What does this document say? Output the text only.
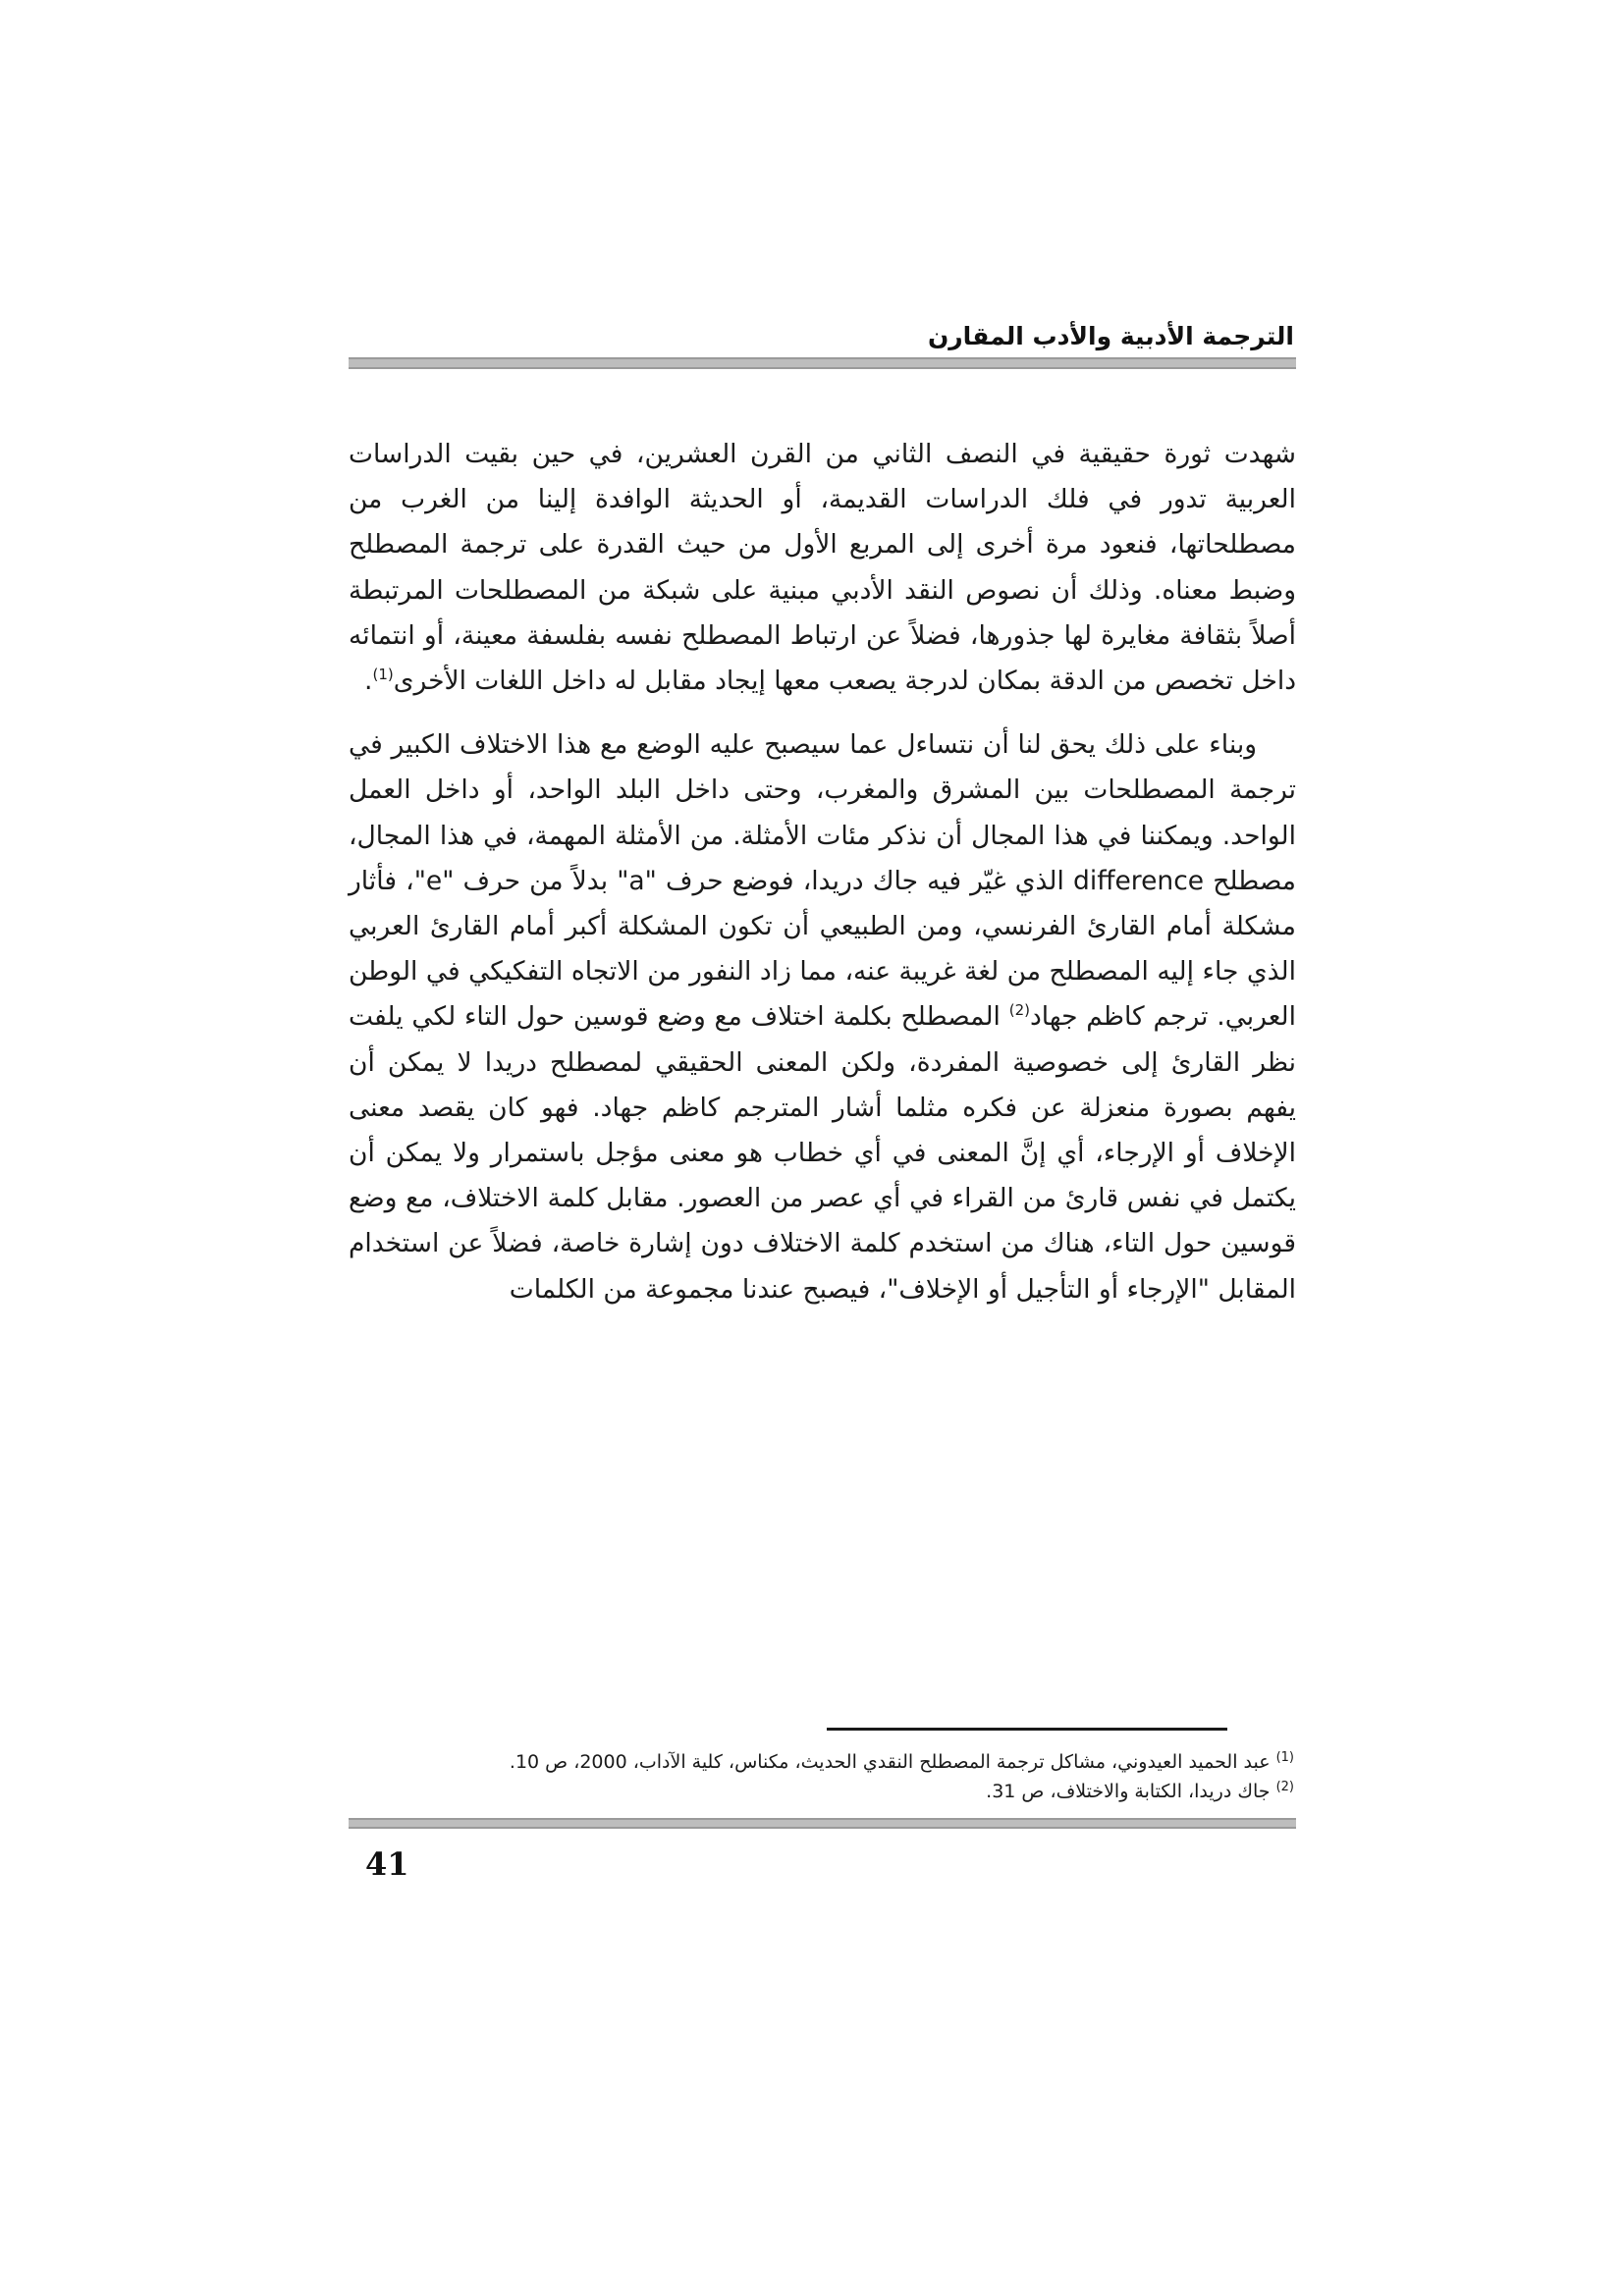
الترجمة الأدبية والأدب المقارن

شهدت ثورة حقيقية في النصف الثاني من القرن العشرين، في حين بقيت الدراسات العربية تدور في فلك الدراسات القديمة، أو الحديثة الوافدة إلينا من الغرب من مصطلحاتها، فنعود مرة أخرى إلى المربع الأول من حيث القدرة على ترجمة المصطلح وضبط معناه. وذلك أن نصوص النقد الأدبي مبنية على شبكة من المصطلحات المرتبطة أصلاً بثقافة مغايرة لها جذورها، فضلاً عن ارتباط المصطلح نفسه بفلسفة معينة، أو انتمائه داخل تخصص من الدقة بمكان لدرجة يصعب معها إيجاد مقابل له داخل اللغات الأخرى$^{(1)}$.

وبناء على ذلك يحق لنا أن نتساءل عما سيصبح عليه الوضع مع هذا الاختلاف الكبير في ترجمة المصطلحات بين المشرق والمغرب، وحتى داخل البلد الواحد، أو داخل العمل الواحد. ويمكننا في هذا المجال أن نذكر مئات الأمثلة. من الأمثلة المهمة، في هذا المجال، مصطلح difference الذي غيّر فيه جاك دريدا، فوضع حرف "a" بدلاً من حرف "e"، فأثار مشكلة أمام القارئ الفرنسي، ومن الطبيعي أن تكون المشكلة أكبر أمام القارئ العربي الذي جاء إليه المصطلح من لغة غريبة عنه، مما زاد النفور من الاتجاه التفكيكي في الوطن العربي. ترجم كاظم جهاد$^{(2)}$ المصطلح بكلمة اختلاف مع وضع قوسين حول التاء لكي يلفت نظر القارئ إلى خصوصية المفردة، ولكن المعنى الحقيقي لمصطلح دريدا لا يمكن أن يفهم بصورة منعزلة عن فكره مثلما أشار المترجم كاظم جهاد. فهو كان يقصد معنى الإخلاف أو الإرجاء، أي إنَّ المعنى في أي خطاب هو معنى مؤجل باستمرار ولا يمكن أن يكتمل في نفس قارئ من القراء في أي عصر من العصور. مقابل كلمة الاختلاف، مع وضع قوسين حول التاء، هناك من استخدم كلمة الاختلاف دون إشارة خاصة، فضلاً عن استخدام المقابل "الإرجاء أو التأجيل أو الإخلاف"، فيصبح عندنا مجموعة من الكلمات

$^{(1)}$عبد الحميد العيدوني، مشاكل ترجمة المصطلح النقدي الحديث، مكناس، كلية الآداب، 2000، ص 10.

$^{(2)}$جاك دريدا، الكتابة والاختلاف، ص 31.

41
